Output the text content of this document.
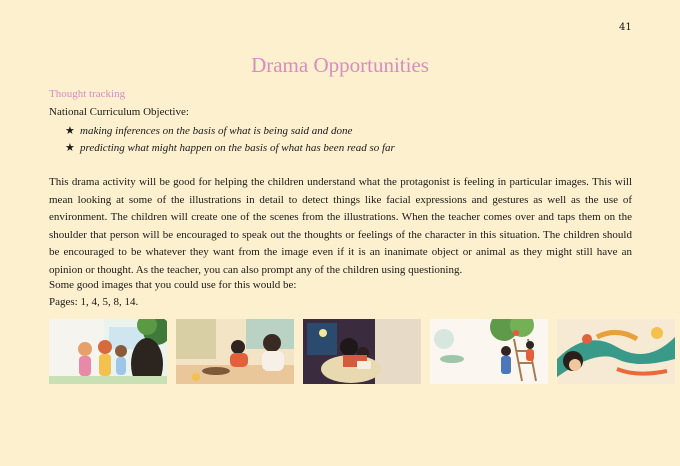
41
Drama Opportunities
Thought tracking
National Curriculum Objective:
★ making inferences on the basis of what is being said and done
★ predicting what might happen on the basis of what has been read so far

This drama activity will be good for helping the children understand what the protagonist is feeling in particular images. This will mean looking at some of the illustrations in detail to detect things like facial expressions and gestures as well as the use of environment. The children will create one of the scenes from the illustrations. When the teacher comes over and taps them on the shoulder that person will be encouraged to speak out the thoughts or feelings of the character in this situation. The children should be encouraged to be whatever they want from the image even if it is an inanimate object or animal as they might still have an opinion or thought. As the teacher, you can also prompt any of the children using questioning.

Some good images that you could use for this would be:
Pages: 1, 4, 5, 8, 14.
